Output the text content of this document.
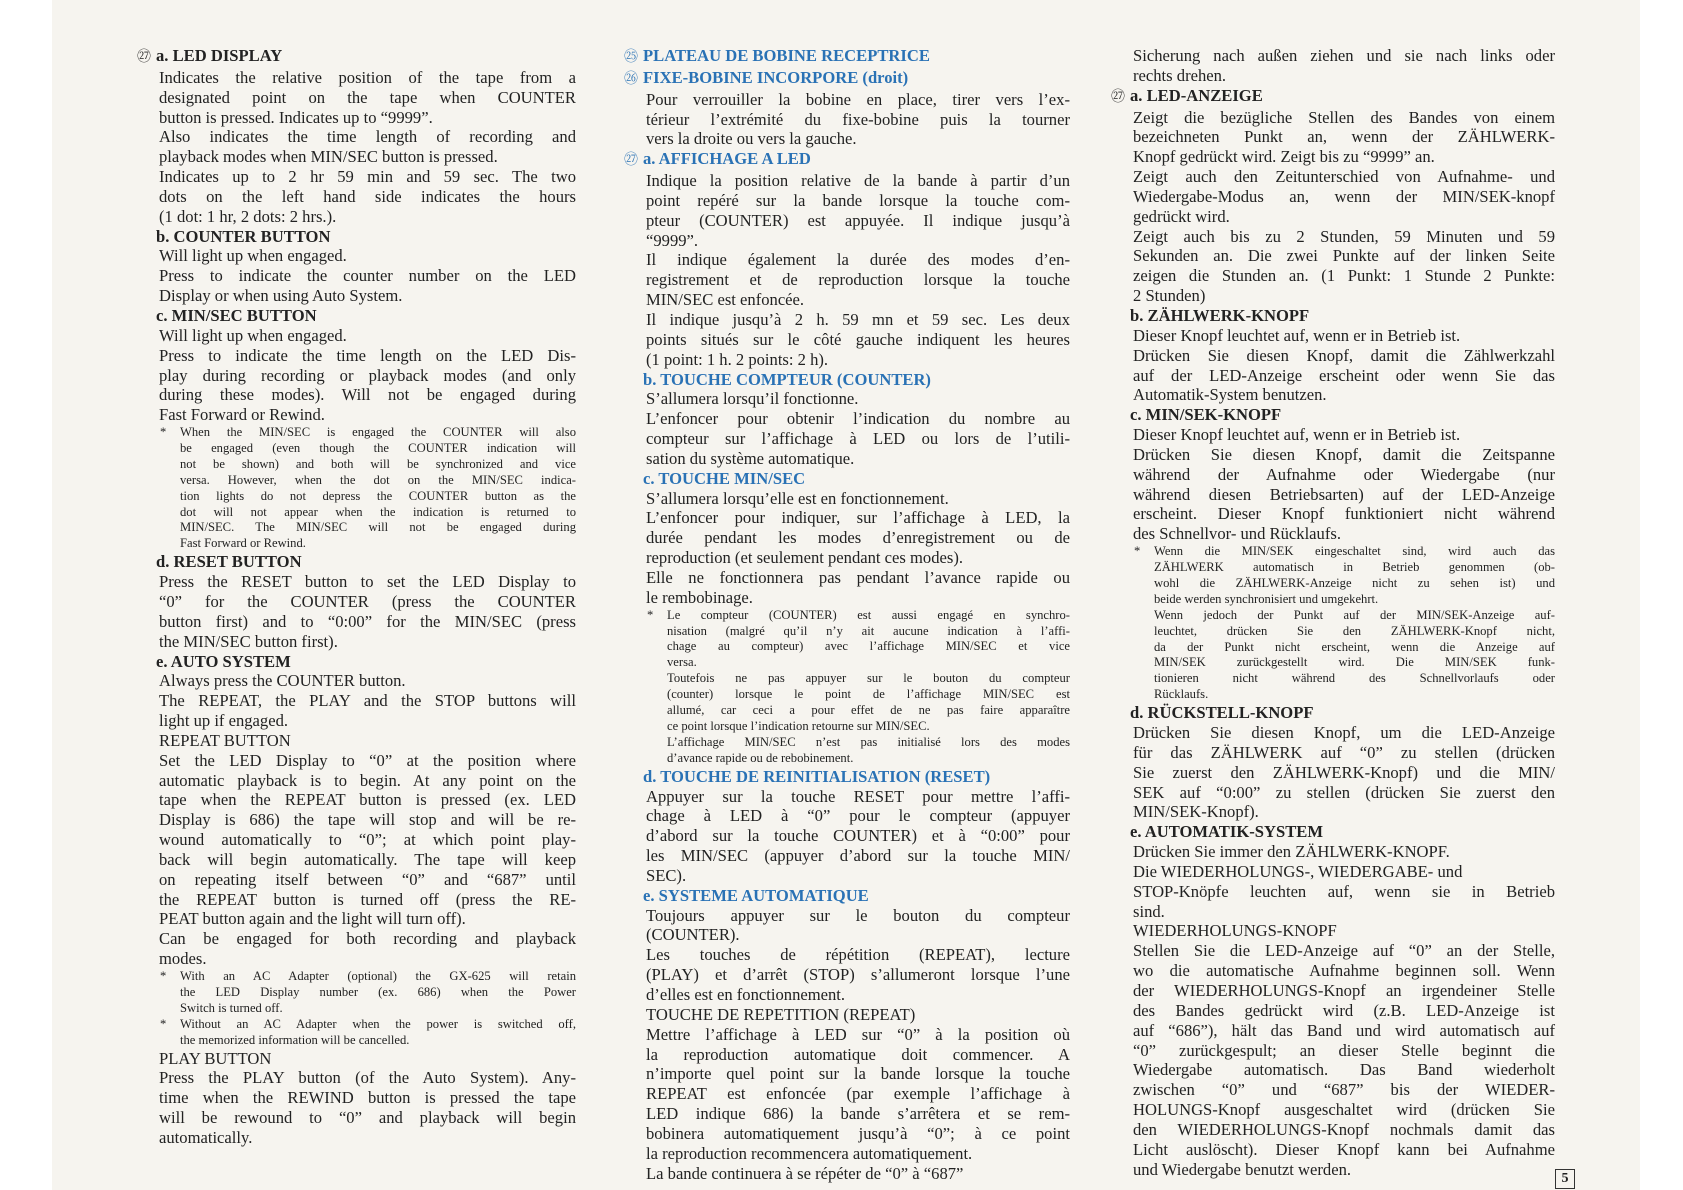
㉗ a. LED DISPLAY
Indicates the relative position of the tape from a
designated point on the tape when COUNTER
button is pressed. Indicates up to “9999”.
Also indicates the time length of recording and
playback modes when MIN/SEC button is pressed.
Indicates up to 2 hr 59 min and 59 sec. The two
dots on the left hand side indicates the hours
(1 dot: 1 hr, 2 dots: 2 hrs.).
b. COUNTER BUTTON
Will light up when engaged.
Press to indicate the counter number on the LED
Display or when using Auto System.
c. MIN/SEC BUTTON
Will light up when engaged.
Press to indicate the time length on the LED Dis-
play during recording or playback modes (and only
during these modes). Will not be engaged during
Fast Forward or Rewind.
* When the MIN/SEC is engaged the COUNTER will also
be engaged (even though the COUNTER indication will
not be shown) and both will be synchronized and vice
versa. However, when the dot on the MIN/SEC indica-
tion lights do not depress the COUNTER button as the
dot will not appear when the indication is returned to
MIN/SEC. The MIN/SEC will not be engaged during
Fast Forward or Rewind.
d. RESET BUTTON
Press the RESET button to set the LED Display to
“0” for the COUNTER (press the COUNTER
button first) and to “0:00” for the MIN/SEC (press
the MIN/SEC button first).
e. AUTO SYSTEM
Always press the COUNTER button.
The REPEAT, the PLAY and the STOP buttons will
light up if engaged.
REPEAT BUTTON
Set the LED Display to “0” at the position where
automatic playback is to begin. At any point on the
tape when the REPEAT button is pressed (ex. LED
Display is 686) the tape will stop and will be re-
wound automatically to “0”; at which point play-
back will begin automatically. The tape will keep
on repeating itself between “0” and “687” until
the REPEAT button is turned off (press the RE-
PEAT button again and the light will turn off).
Can be engaged for both recording and playback
modes.
* With an AC Adapter (optional) the GX-625 will retain
the LED Display number (ex. 686) when the Power
Switch is turned off.
* Without an AC Adapter when the power is switched off,
the memorized information will be cancelled.
PLAY BUTTON
Press the PLAY button (of the Auto System). Any-
time when the REWIND button is pressed the tape
will be rewound to “0” and playback will begin
automatically.
㉕ PLATEAU DE BOBINE RECEPTRICE
㉖ FIXE-BOBINE INCORPORE (droit)
Pour verrouiller la bobine en place, tirer vers l’ex-
térieur l’extrémité du fixe-bobine puis la tourner
vers la droite ou vers la gauche.
㉗ a. AFFICHAGE A LED
Indique la position relative de la bande à partir d’un
point repéré sur la bande lorsque la touche com-
pteur (COUNTER) est appuyée. Il indique jusqu’à
“9999”.
Il indique également la durée des modes d’en-
registrement et de reproduction lorsque la touche
MIN/SEC est enfoncée.
Il indique jusqu’à 2 h. 59 mn et 59 sec. Les deux
points situés sur le côté gauche indiquent les heures
(1 point: 1 h. 2 points: 2 h).
b. TOUCHE COMPTEUR (COUNTER)
S’allumera lorsqu’il fonctionne.
L’enfoncer pour obtenir l’indication du nombre au
compteur sur l’affichage à LED ou lors de l’utili-
sation du système automatique.
c. TOUCHE MIN/SEC
S’allumera lorsqu’elle est en fonctionnement.
L’enfoncer pour indiquer, sur l’affichage à LED, la
durée pendant les modes d’enregistrement ou de
reproduction (et seulement pendant ces modes).
Elle ne fonctionnera pas pendant l’avance rapide ou
le rembobinage.
* Le compteur (COUNTER) est aussi engagé en synchro-
nisation (malgré qu’il n’y ait aucune indication à l’affi-
chage au compteur) avec l’affichage MIN/SEC et vice
versa.
Toutefois ne pas appuyer sur le bouton du compteur
(counter) lorsque le point de l’affichage MIN/SEC est
allumé, car ceci a pour effet de ne pas faire apparaître
ce point lorsque l’indication retourne sur MIN/SEC.
L’affichage MIN/SEC n’est pas initialisé lors des modes
d’avance rapide ou de rebobinement.
d. TOUCHE DE REINITIALISATION (RESET)
Appuyer sur la touche RESET pour mettre l’affi-
chage à LED à “0” pour le compteur (appuyer
d’abord sur la touche COUNTER) et à “0:00” pour
les MIN/SEC (appuyer d’abord sur la touche MIN/
SEC).
e. SYSTEME AUTOMATIQUE
Toujours appuyer sur le bouton du compteur
(COUNTER).
Les touches de répétition (REPEAT), lecture
(PLAY) et d’arrêt (STOP) s’allumeront lorsque l’une
d’elles est en fonctionnement.
TOUCHE DE REPETITION (REPEAT)
Mettre l’affichage à LED sur “0” à la position où
la reproduction automatique doit commencer. A
n’importe quel point sur la bande lorsque la touche
REPEAT est enfoncée (par exemple l’affichage à
LED indique 686) la bande s’arrêtera et se rem-
bobinera automatiquement jusqu’à “0”; à ce point
la reproduction recommencera automatiquement.
La bande continuera à se répéter de “0” à “687”
Sicherung nach außen ziehen und sie nach links oder
rechts drehen.
㉗ a. LED-ANZEIGE
Zeigt die bezügliche Stellen des Bandes von einem
bezeichneten Punkt an, wenn der ZÄHLWERK-
Knopf gedrückt wird. Zeigt bis zu “9999” an.
Zeigt auch den Zeitunterschied von Aufnahme- und
Wiedergabe-Modus an, wenn der MIN/SEK-knopf
gedrückt wird.
Zeigt auch bis zu 2 Stunden, 59 Minuten und 59
Sekunden an. Die zwei Punkte auf der linken Seite
zeigen die Stunden an. (1 Punkt: 1 Stunde 2 Punkte:
2 Stunden)
b. ZÄHLWERK-KNOPF
Dieser Knopf leuchtet auf, wenn er in Betrieb ist.
Drücken Sie diesen Knopf, damit die Zählwerkzahl
auf der LED-Anzeige erscheint oder wenn Sie das
Automatik-System benutzen.
c. MIN/SEK-KNOPF
Dieser Knopf leuchtet auf, wenn er in Betrieb ist.
Drücken Sie diesen Knopf, damit die Zeitspanne
während der Aufnahme oder Wiedergabe (nur
während diesen Betriebsarten) auf der LED-Anzeige
erscheint. Dieser Knopf funktioniert nicht während
des Schnellvor- und Rücklaufs.
* Wenn die MIN/SEK eingeschaltet sind, wird auch das
ZÄHLWERK automatisch in Betrieb genommen (ob-
wohl die ZÄHLWERK-Anzeige nicht zu sehen ist) und
beide werden synchronisiert und umgekehrt.
Wenn jedoch der Punkt auf der MIN/SEK-Anzeige auf-
leuchtet, drücken Sie den ZÄHLWERK-Knopf nicht,
da der Punkt nicht erscheint, wenn die Anzeige auf
MIN/SEK zurückgestellt wird. Die MIN/SEK funk-
tionieren nicht während des Schnellvorlaufs oder
Rücklaufs.
d. RÜCKSTELL-KNOPF
Drücken Sie diesen Knopf, um die LED-Anzeige
für das ZÄHLWERK auf “0” zu stellen (drücken
Sie zuerst den ZÄHLWERK-Knopf) und die MIN/
SEK auf “0:00” zu stellen (drücken Sie zuerst den
MIN/SEK-Knopf).
e. AUTOMATIK-SYSTEM
Drücken Sie immer den ZÄHLWERK-KNOPF.
Die WIEDERHOLUNGS-, WIEDERGABE- und
STOP-Knöpfe leuchten auf, wenn sie in Betrieb
sind.
WIEDERHOLUNGS-KNOPF
Stellen Sie die LED-Anzeige auf “0” an der Stelle,
wo die automatische Aufnahme beginnen soll. Wenn
der WIEDERHOLUNGS-Knopf an irgendeiner Stelle
des Bandes gedrückt wird (z.B. LED-Anzeige ist
auf “686”), hält das Band und wird automatisch auf
“0” zurückgespult; an dieser Stelle beginnt die
Wiedergabe automatisch. Das Band wiederholt
zwischen “0” und “687” bis der WIEDER-
HOLUNGS-Knopf ausgeschaltet wird (drücken Sie
den WIEDERHOLUNGS-Knopf nochmals damit das
Licht auslöscht). Dieser Knopf kann bei Aufnahme
und Wiedergabe benutzt werden.	5
